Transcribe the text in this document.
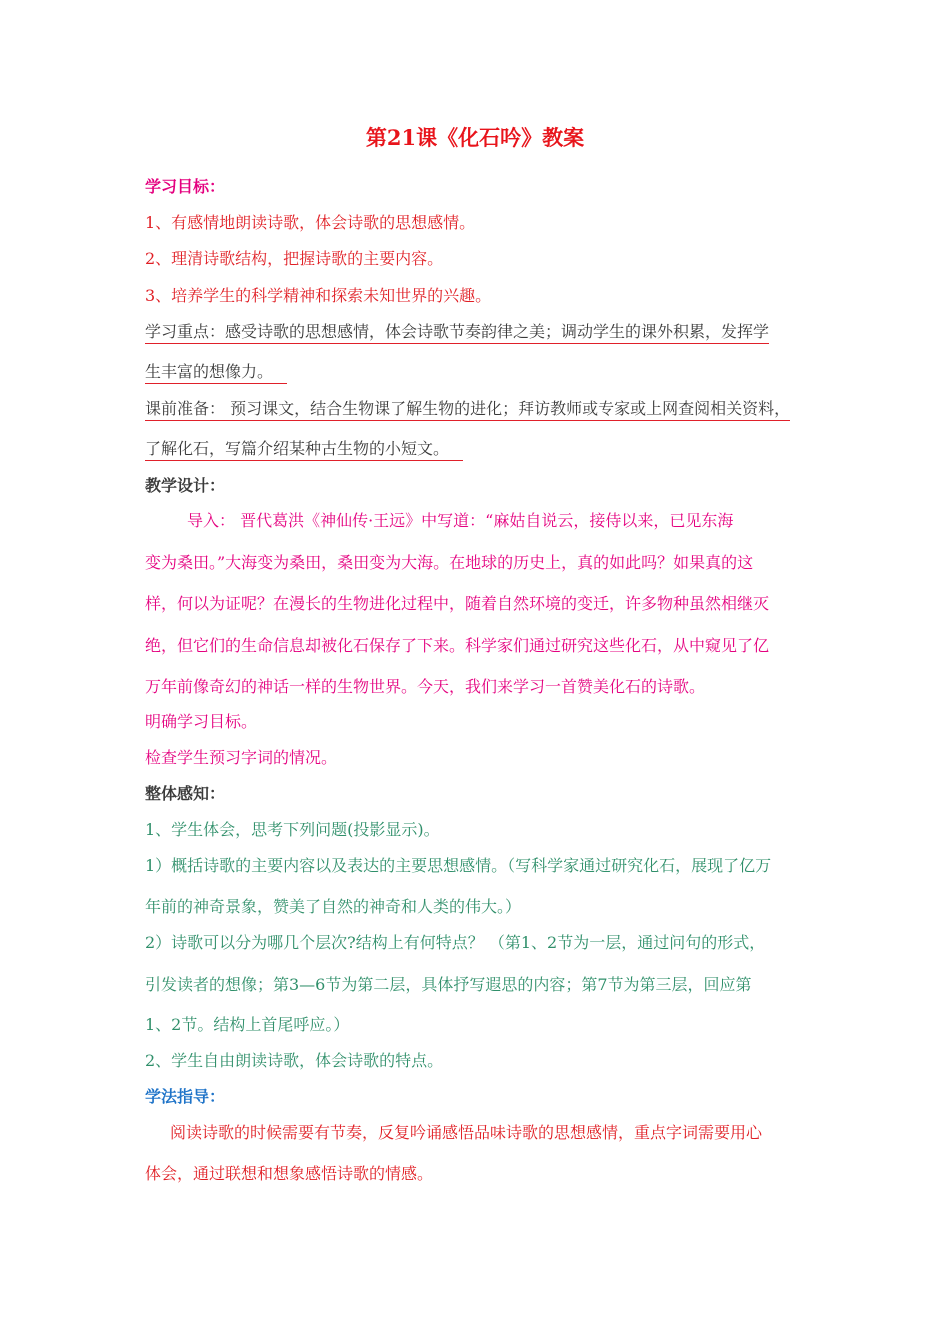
第21课《化石吟》教案
学习目标：
1、有感情地朗读诗歌，体会诗歌的思想感情。
2、理清诗歌结构，把握诗歌的主要内容。
3、培养学生的科学精神和探索未知世界的兴趣。
学习重点：感受诗歌的思想感情，体会诗歌节奏韵律之美；调动学生的课外积累，发挥学
生丰富的想像力。
课前准备： 预习课文，结合生物课了解生物的进化；拜访教师或专家或上网查阅相关资料，
了解化石，写篇介绍某种古生物的小短文。
教学设计：
导入： 晋代葛洪《神仙传·王远》中写道：“麻姑自说云，接侍以来，已见东海
变为桑田。”大海变为桑田，桑田变为大海。在地球的历史上，真的如此吗？如果真的这
样，何以为证呢？在漫长的生物进化过程中，随着自然环境的变迁，许多物种虽然相继灭
绝，但它们的生命信息却被化石保存了下来。科学家们通过研究这些化石，从中窥见了亿
万年前像奇幻的神话一样的生物世界。今天，我们来学习一首赞美化石的诗歌。
明确学习目标。
检查学生预习字词的情况。
整体感知：
1、学生体会，思考下列问题(投影显示)。
1）概括诗歌的主要内容以及表达的主要思想感情。（写科学家通过研究化石，展现了亿万
年前的神奇景象，赞美了自然的神奇和人类的伟大。）
2）诗歌可以分为哪几个层次?结构上有何特点？ （第1、2节为一层，通过问句的形式，
引发读者的想像；第3—6节为第二层，具体抒写遐思的内容；第7节为第三层，回应第
1、2节。结构上首尾呼应。）
2、学生自由朗读诗歌，体会诗歌的特点。
学法指导：
阅读诗歌的时候需要有节奏，反复吟诵感悟品味诗歌的思想感情，重点字词需要用心
体会，通过联想和想象感悟诗歌的情感。
